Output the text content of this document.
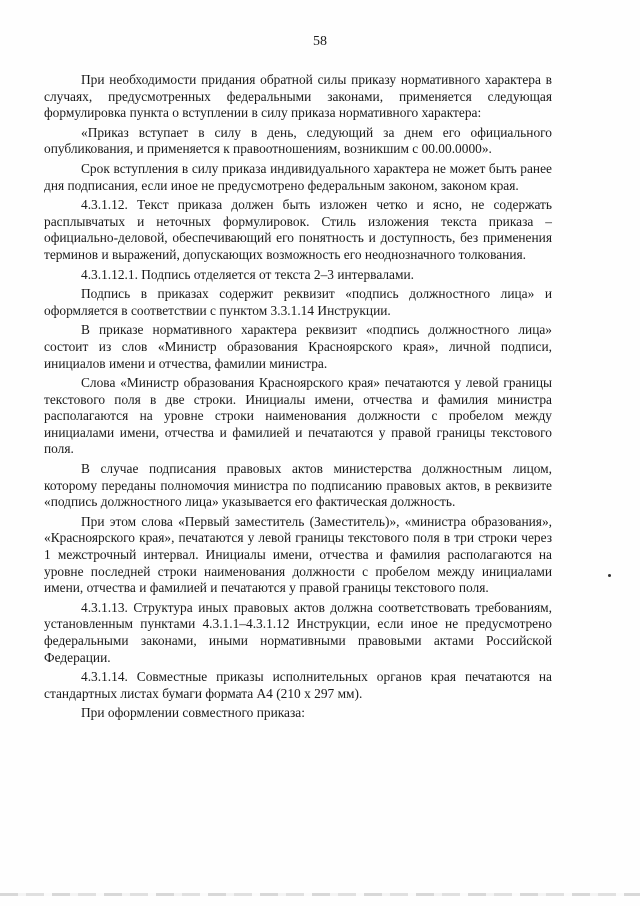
58

При необходимости придания обратной силы приказу нормативного характера в случаях, предусмотренных федеральными законами, применяется следующая формулировка пункта о вступлении в силу приказа нормативного характера:

«Приказ вступает в силу в день, следующий за днем его официального опубликования, и применяется к правоотношениям, возникшим с 00.00.0000».

Срок вступления в силу приказа индивидуального характера не может быть ранее дня подписания, если иное не предусмотрено федеральным законом, законом края.

4.3.1.12. Текст приказа должен быть изложен четко и ясно, не содержать расплывчатых и неточных формулировок. Стиль изложения текста приказа – официально-деловой, обеспечивающий его понятность и доступность, без применения терминов и выражений, допускающих возможность его неоднозначного толкования.

4.3.1.12.1. Подпись отделяется от текста 2–3 интервалами.

Подпись в приказах содержит реквизит «подпись должностного лица» и оформляется в соответствии с пунктом 3.3.1.14 Инструкции.

В приказе нормативного характера реквизит «подпись должностного лица» состоит из слов «Министр образования Красноярского края», личной подписи, инициалов имени и отчества, фамилии министра.

Слова «Министр образования Красноярского края» печатаются у левой границы текстового поля в две строки. Инициалы имени, отчества и фамилия министра располагаются на уровне строки наименования должности с пробелом между инициалами имени, отчества и фамилией и печатаются у правой границы текстового поля.

В случае подписания правовых актов министерства должностным лицом, которому переданы полномочия министра по подписанию правовых актов, в реквизите «подпись должностного лица» указывается его фактическая должность.

При этом слова «Первый заместитель (Заместитель)», «министра образования», «Красноярского края», печатаются у левой границы текстового поля в три строки через 1 межстрочный интервал. Инициалы имени, отчества и фамилия располагаются на уровне последней строки наименования должности с пробелом между инициалами имени, отчества и фамилией и печатаются у правой границы текстового поля.

4.3.1.13. Структура иных правовых актов должна соответствовать требованиям, установленным пунктами 4.3.1.1–4.3.1.12 Инструкции, если иное не предусмотрено федеральными законами, иными нормативными правовыми актами Российской Федерации.

4.3.1.14. Совместные приказы исполнительных органов края печатаются на стандартных листах бумаги формата А4 (210 х 297 мм).

При оформлении совместного приказа:
